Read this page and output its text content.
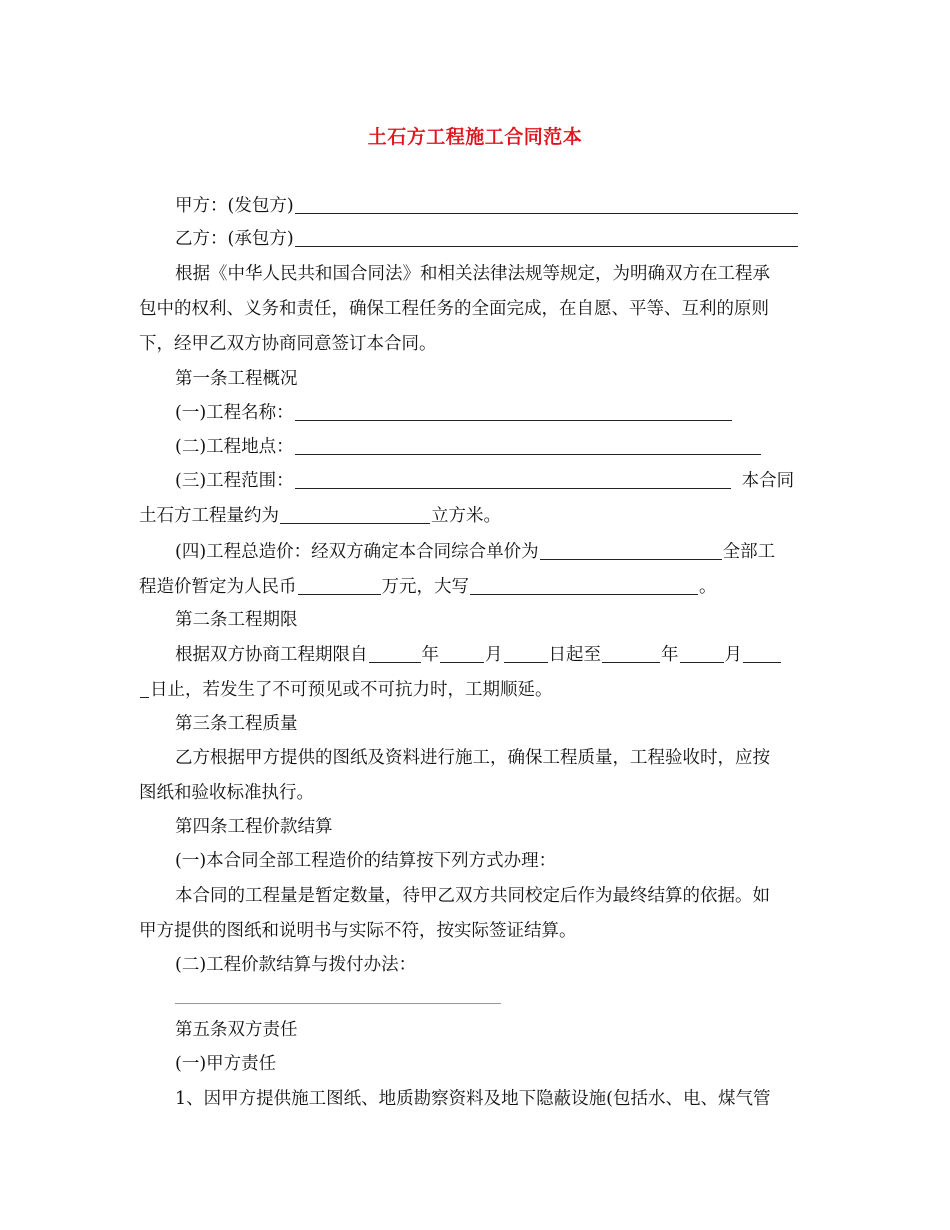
土石方工程施工合同范本
甲方：(发包方)
乙方：(承包方)
根据《中华人民共和国合同法》和相关法律法规等规定，为明确双方在工程承
包中的权利、义务和责任，确保工程任务的全面完成，在自愿、平等、互利的原则
下，经甲乙双方协商同意签订本合同。
第一条工程概况
(一)工程名称：
(二)工程地点：
(三)工程范围：	本合同
土石方工程量约为	立方米。
(四)工程总造价：经双方确定本合同综合单价为	全部工
程造价暂定为人民币	万元，大写	。
第二条工程期限
根据双方协商工程期限自	年	月	日起至	年	月
日止，若发生了不可预见或不可抗力时，工期顺延。
第三条工程质量
乙方根据甲方提供的图纸及资料进行施工，确保工程质量，工程验收时，应按
图纸和验收标准执行。
第四条工程价款结算
(一)本合同全部工程造价的结算按下列方式办理：
本合同的工程量是暂定数量，待甲乙双方共同校定后作为最终结算的依据。如
甲方提供的图纸和说明书与实际不符，按实际签证结算。
(二)工程价款结算与拨付办法：
第五条双方责任
(一)甲方责任
1、因甲方提供施工图纸、地质勘察资料及地下隐蔽设施(包括水、电、煤气管
